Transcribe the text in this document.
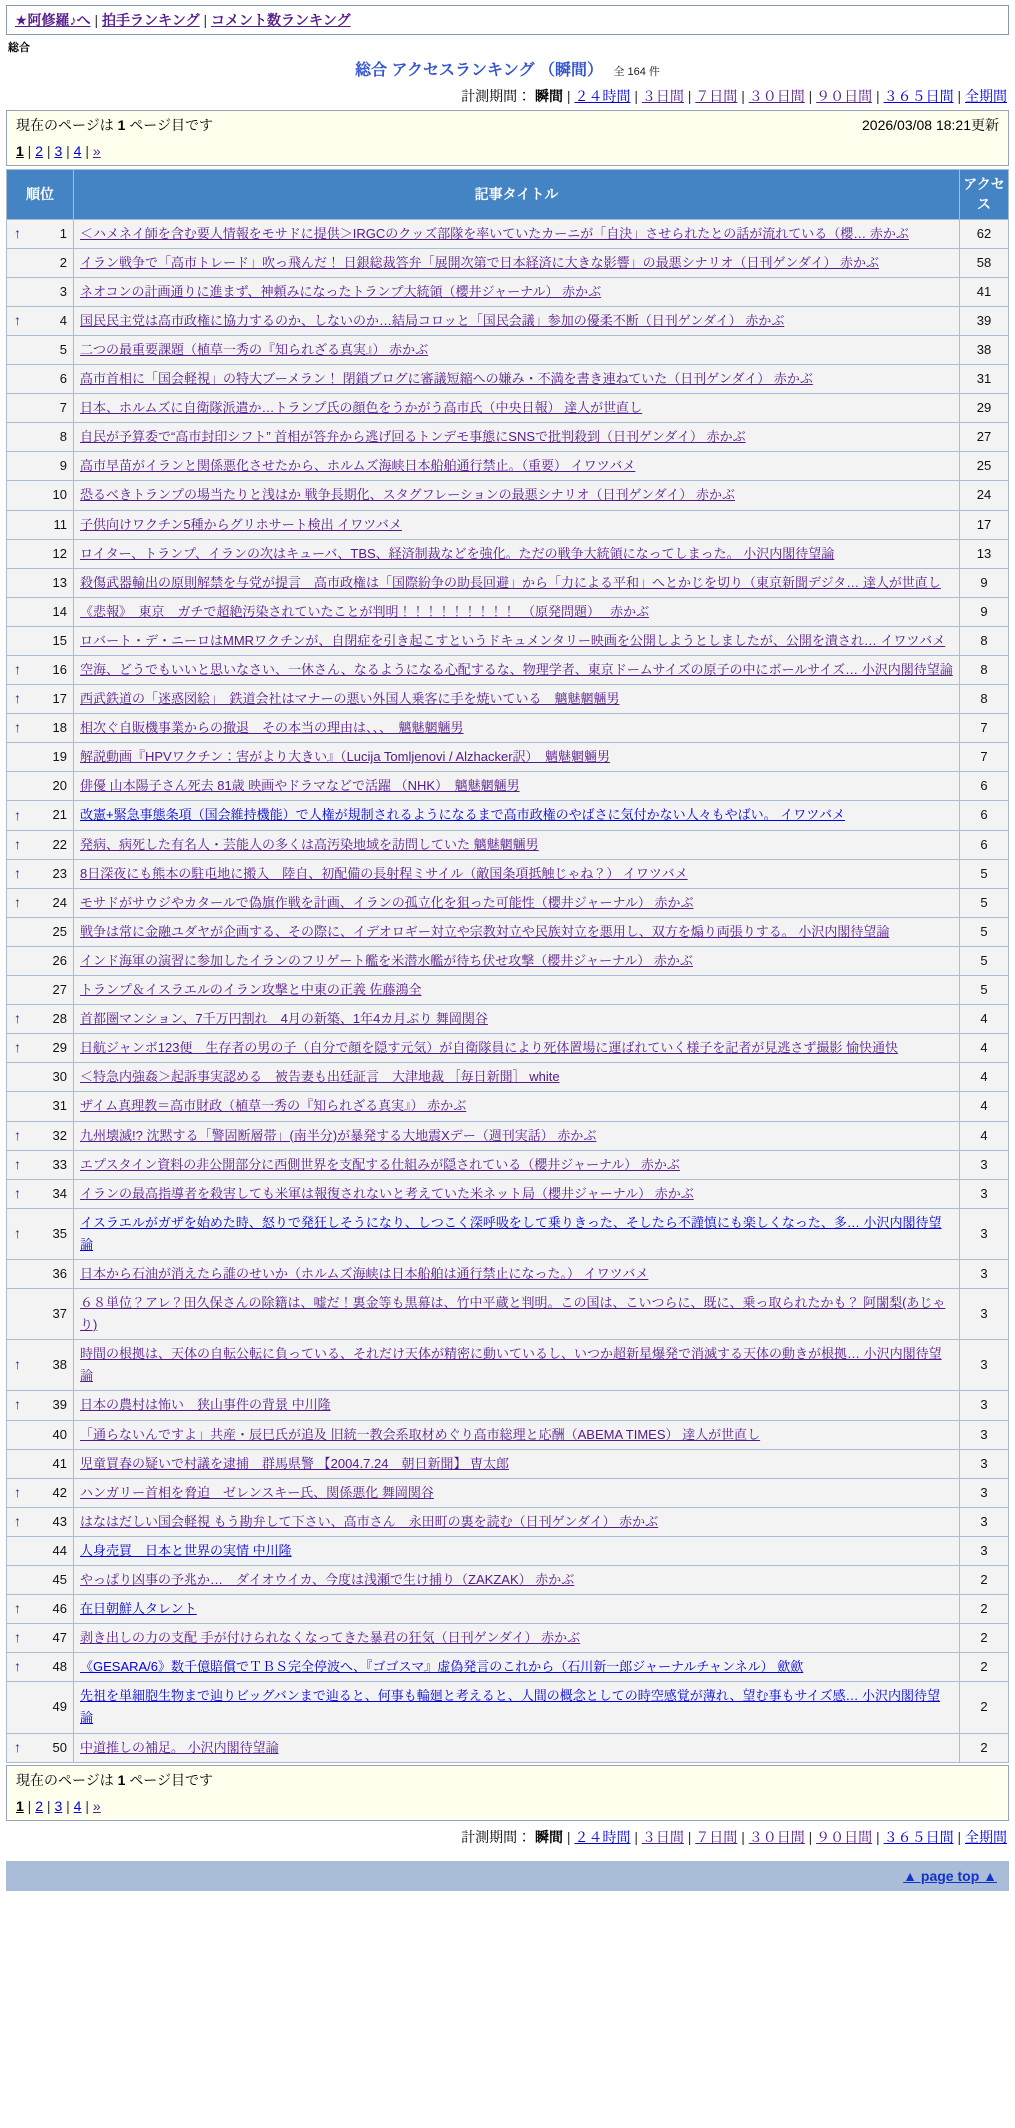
★阿修羅♪へ | 拍手ランキング | コメント数ランキング
総合
総合 アクセスランキング （瞬間） 全 164 件
計測期間： 瞬間 | ２４時間 | ３日間 | ７日間 | ３０日間 | ９０日間 | ３６５日間 | 全期間
現在のページは 1 ページ目です	2026/03/08 18:21更新
1 | 2 | 3 | 4 | »
順位	記事タイトル	アクセス

↑ 1	＜ハメネイ師を含む要人情報をモサドに提供＞IRGCのクッズ部隊を率いていたカーニが「自決」させられたとの話が流れている（櫻… 赤かぶ	62
2	イラン戦争で「高市トレード」吹っ飛んだ！ 日銀総裁答弁「展開次第で日本経済に大きな影響」の最悪シナリオ（日刊ゲンダイ） 赤かぶ	58
3	ネオコンの計画通りに進まず、神頼みになったトランプ大統領（櫻井ジャーナル） 赤かぶ	41

↑ 4	国民民主党は高市政権に協力するのか、しないのか…結局コロッと「国民会議」参加の優柔不断（日刊ゲンダイ） 赤かぶ	39
5	二つの最重要課題（植草一秀の『知られざる真実』） 赤かぶ	38
6	高市首相に「国会軽視」の特大ブーメラン！ 閉鎖ブログに審議短縮への嫌み・不満を書き連ねていた（日刊ゲンダイ） 赤かぶ	31
7	日本、ホルムズに自衛隊派遣か…トランプ氏の顔色をうかがう高市氏（中央日報） 達人が世直し	29
8	自民が予算委で“高市封印シフト” 首相が答弁から逃げ回るトンデモ事態にSNSで批判殺到（日刊ゲンダイ） 赤かぶ	27
9	高市早苗がイランと関係悪化させたから、ホルムズ海峡日本船舶通行禁止。（重要） イワツバメ	25
10	恐るべきトランプの場当たりと浅はか 戦争長期化、スタグフレーションの最悪シナリオ（日刊ゲンダイ） 赤かぶ	24
11	子供向けワクチン5種からグリホサート検出 イワツバメ	17
12	ロイター、トランプ、イランの次はキューバ、TBS、経済制裁などを強化。ただの戦争大統領になってしまった。 小沢内閣待望論	13
13	殺傷武器輸出の原則解禁を与党が提言　高市政権は「国際紛争の助長回避」から「力による平和」へとかじを切り（東京新聞デジタ… 達人が世直し	9
14	《悲報》　東京　ガチで超絶汚染されていたことが判明！！！！！！！！！　（原発問題）　 赤かぶ	9
15	ロバート・デ・ニーロはMMRワクチンが、自閉症を引き起こすというドキュメンタリー映画を公開しようとしましたが、公開を潰され… イワツバメ	8

↑ 16	空海、どうでもいいと思いなさい、一休さん、なるようになる心配するな、物理学者、東京ドームサイズの原子の中にボールサイズ… 小沢内閣待望論	8

↑ 17	西武鉄道の「迷惑図絵」　鉄道会社はマナーの悪い外国人乗客に手を焼いている　魑魅魍魎男	8

↑ 18	相次ぐ自販機事業からの撤退　その本当の理由は、、、　魑魅魍魎男	7
19	解説動画『HPVワクチン：害がより大きい』（Lucija Tomljenovi / Alzhacker訳）　魑魅魍魎男	7
20	俳優 山本陽子さん死去 81歳 映画やドラマなどで活躍 （NHK）　魑魅魍魎男	6

↑ 21	改憲+緊急事態条項（国会維持機能）で人権が規制されるようになるまで高市政権のやばさに気付かない人々もやばい。 イワツバメ	6

↑ 22	発病、病死した有名人・芸能人の多くは高汚染地域を訪問していた 魑魅魍魎男	6

↑ 23	8日深夜にも熊本の駐屯地に搬入　陸自、初配備の長射程ミサイル（敵国条項抵触じゃね？） イワツバメ	5

↑ 24	モサドがサウジやカタールで偽旗作戦を計画、イランの孤立化を狙った可能性（櫻井ジャーナル） 赤かぶ	5
25	戦争は常に金融ユダヤが企画する、その際に、イデオロギー対立や宗教対立や民族対立を悪用し、双方を煽り両張りする。 小沢内閣待望論	5
26	インド海軍の演習に参加したイランのフリゲート艦を米潜水艦が待ち伏せ攻撃（櫻井ジャーナル） 赤かぶ	5
27	トランプ＆イスラエルのイラン攻撃と中東の正義 佐藤鴻全	5

↑ 28	首都圏マンション、7千万円割れ　4月の新築、1年4カ月ぶり 舞岡関谷	4

↑ 29	日航ジャンボ123便　生存者の男の子（自分で顔を隠す元気）が自衛隊員により死体置場に運ばれていく様子を記者が見逃さず撮影 愉快通快	4
30	＜特急内強姦＞起訴事実認める　被告妻も出廷証言　大津地裁 ［毎日新聞］ white	4
31	ザイム真理教＝高市財政（植草一秀の『知られざる真実』） 赤かぶ	4

↑ 32	九州壊滅!? 沈黙する「警固断層帯」(南半分)が暴発する大地震Xデー（週刊実話） 赤かぶ	4

↑ 33	エプスタイン資料の非公開部分に西側世界を支配する仕組みが隠されている（櫻井ジャーナル） 赤かぶ	3

↑ 34	イランの最高指導者を殺害しても米軍は報復されないと考えていた米ネット局（櫻井ジャーナル） 赤かぶ	3

↑ 35	イスラエルがガザを始めた時、怒りで発狂しそうになり、しつこく深呼吸をして乗りきった、そしたら不謹慎にも楽しくなった、多… 小沢内閣待望論	3
36	日本から石油が消えたら誰のせいか（ホルムズ海峡は日本船舶は通行禁止になった。） イワツバメ	3
37	６８単位？アレ？田久保さんの除籍は、嘘だ！裏金等も黒幕は、竹中平蔵と判明。この国は、こいつらに、既に、乗っ取られたかも？ 阿闍梨(あじゃり)	3

↑ 38	時間の根拠は、天体の自転公転に負っている、それだけ天体が精密に動いているし、いつか超新星爆発で消滅する天体の動きが根拠… 小沢内閣待望論	3

↑ 39	日本の農村は怖い＿狭山事件の背景 中川隆	3
40	「通らないんですよ」共産・辰巳氏が追及 旧統一教会系取材めぐり高市総理と応酬（ABEMA TIMES） 達人が世直し	3
41	児童買春の疑いで村議を逮捕　群馬県警 【2004.7.24　朝日新聞】 曺太郎	3

↑ 42	ハンガリー首相を脅迫　ゼレンスキー氏、関係悪化 舞岡関谷	3

↑ 43	はなはだしい国会軽視 もう勘弁して下さい、高市さん　永田町の裏を読む（日刊ゲンダイ） 赤かぶ	3
44	人身売買＿日本と世界の実情 中川隆	3
45	やっぱり凶事の予兆か…　ダイオウイカ、今度は浅瀬で生け捕り（ZAKZAK） 赤かぶ	2

↑ 46	在日朝鮮人タレント	2

↑ 47	剥き出しの力の支配 手が付けられなくなってきた暴君の狂気（日刊ゲンダイ） 赤かぶ	2

↑ 48	《GESARA/6》数千億賠償でＴＢＳ完全停波へ、『ゴゴスマ』虚偽発言のこれから（石川新一郎ジャーナルチャンネル） 歛歛	2
49	先祖を単細胞生物まで辿りビッグバンまで辿ると、何事も輪廻と考えると、人間の概念としての時空感覚が薄れ、望む事もサイズ感… 小沢内閣待望論	2

↑ 50	中道推しの補足。 小沢内閣待望論	2
現在のページは 1 ページ目です
1 | 2 | 3 | 4 | »
計測期間： 瞬間 | ２４時間 | ３日間 | ７日間 | ３０日間 | ９０日間 | ３６５日間 | 全期間
▲ page top ▲
